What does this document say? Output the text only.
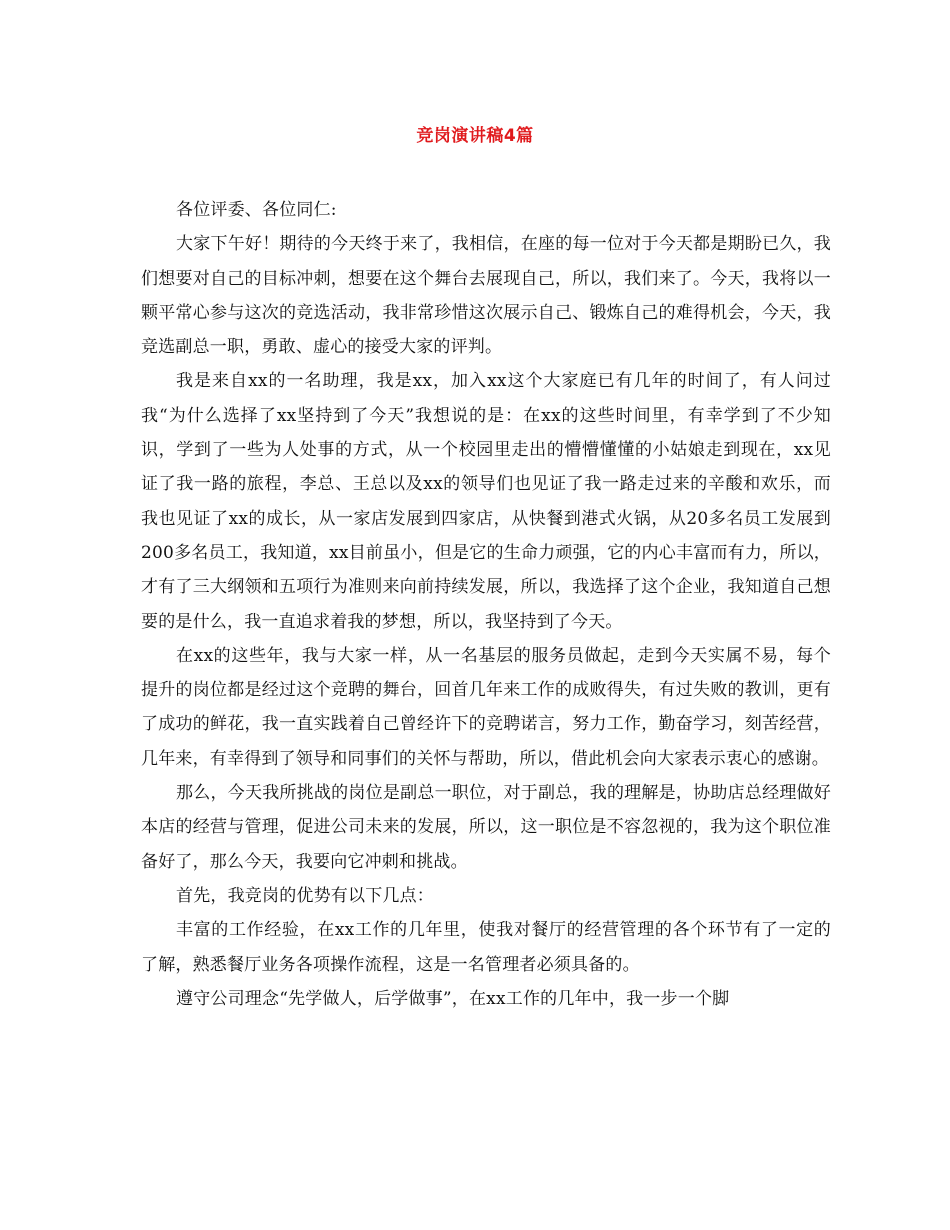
竞岗演讲稿4篇

各位评委、各位同仁:

大家下午好！期待的今天终于来了，我相信，在座的每一位对于今天都是期盼已久，我们想要对自己的目标冲刺，想要在这个舞台去展现自己，所以，我们来了。今天，我将以一颗平常心参与这次的竞选活动，我非常珍惜这次展示自己、锻炼自己的难得机会，今天，我竞选副总一职，勇敢、虚心的接受大家的评判。

我是来自xx的一名助理，我是xx，加入xx这个大家庭已有几年的时间了，有人问过我“为什么选择了xx坚持到了今天”我想说的是：在xx的这些时间里，有幸学到了不少知识，学到了一些为人处事的方式，从一个校园里走出的懵懵懂懂的小姑娘走到现在，xx见证了我一路的旅程，李总、王总以及xx的领导们也见证了我一路走过来的辛酸和欢乐，而我也见证了xx的成长，从一家店发展到四家店，从快餐到港式火锅，从20多名员工发展到200多名员工，我知道，xx目前虽小，但是它的生命力顽强，它的内心丰富而有力，所以，才有了三大纲领和五项行为准则来向前持续发展，所以，我选择了这个企业，我知道自己想要的是什么，我一直追求着我的梦想，所以，我坚持到了今天。

在xx的这些年，我与大家一样，从一名基层的服务员做起，走到今天实属不易，每个提升的岗位都是经过这个竞聘的舞台，回首几年来工作的成败得失，有过失败的教训，更有了成功的鲜花，我一直实践着自己曾经许下的竞聘诺言，努力工作，勤奋学习，刻苦经营，几年来，有幸得到了领导和同事们的关怀与帮助，所以，借此机会向大家表示衷心的感谢。

那么，今天我所挑战的岗位是副总一职位，对于副总，我的理解是，协助店总经理做好本店的经营与管理，促进公司未来的发展，所以，这一职位是不容忽视的，我为这个职位准备好了，那么今天，我要向它冲刺和挑战。

首先，我竞岗的优势有以下几点：

丰富的工作经验，在xx工作的几年里，使我对餐厅的经营管理的各个环节有了一定的了解，熟悉餐厅业务各项操作流程，这是一名管理者必须具备的。

遵守公司理念“先学做人，后学做事”，在xx工作的几年中，我一步一个脚
